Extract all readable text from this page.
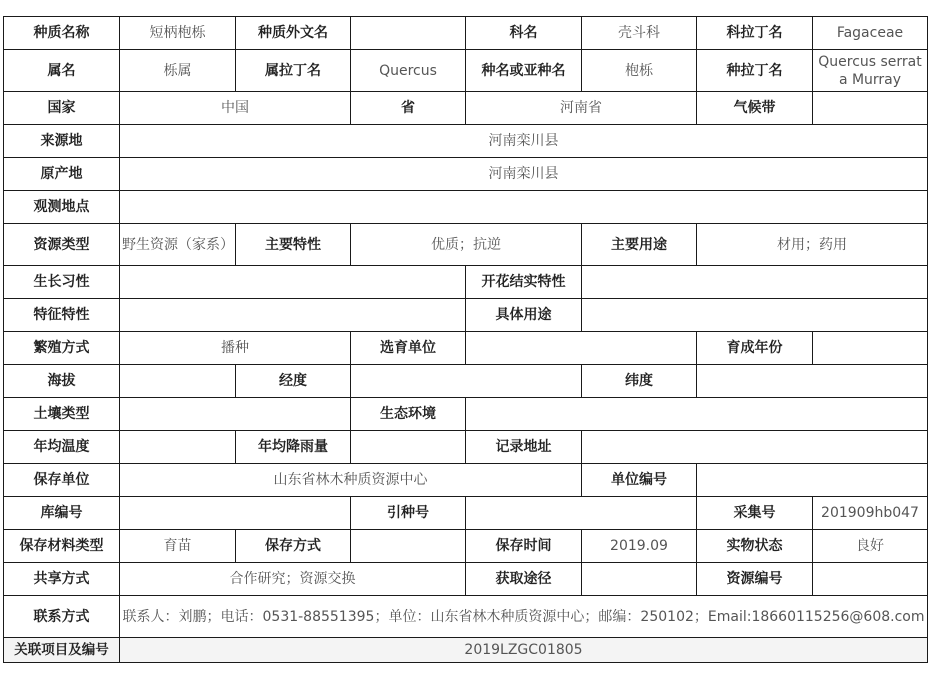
种质名称	短柄枹栎	种质外文名		科名	壳斗科	科拉丁名	Fagaceae
属名	栎属	属拉丁名	Quercus	种名或亚种名	枹栎	种拉丁名	Quercus serrata Murray
国家	中国		省	河南省		气候带	
来源地	河南栾川县						
原产地	河南栾川县						
观测地点							
资源类型	野生资源（家系）	主要特性	优质；抗逆		主要用途	材用；药用	
生长习性				开花结实特性			
特征特性				具体用途			
繁殖方式	播种		选育单位			育成年份	
海拔		经度			纬度		
土壤类型			生态环境				
年均温度		年均降雨量		记录地址			
保存单位	山东省林木种质资源中心				单位编号		
库编号			引种号			采集号	201909hb047
保存材料类型	育苗	保存方式		保存时间	2019.09	实物状态	良好
共享方式	合作研究；资源交换			获取途径		资源编号	
联系方式	联系人：刘鹏；电话：0531-88551395；单位：山东省林木种质资源中心；邮编：250102；Email:18660115256@608.com						
关联项目及编号	2019LZGC01805						
